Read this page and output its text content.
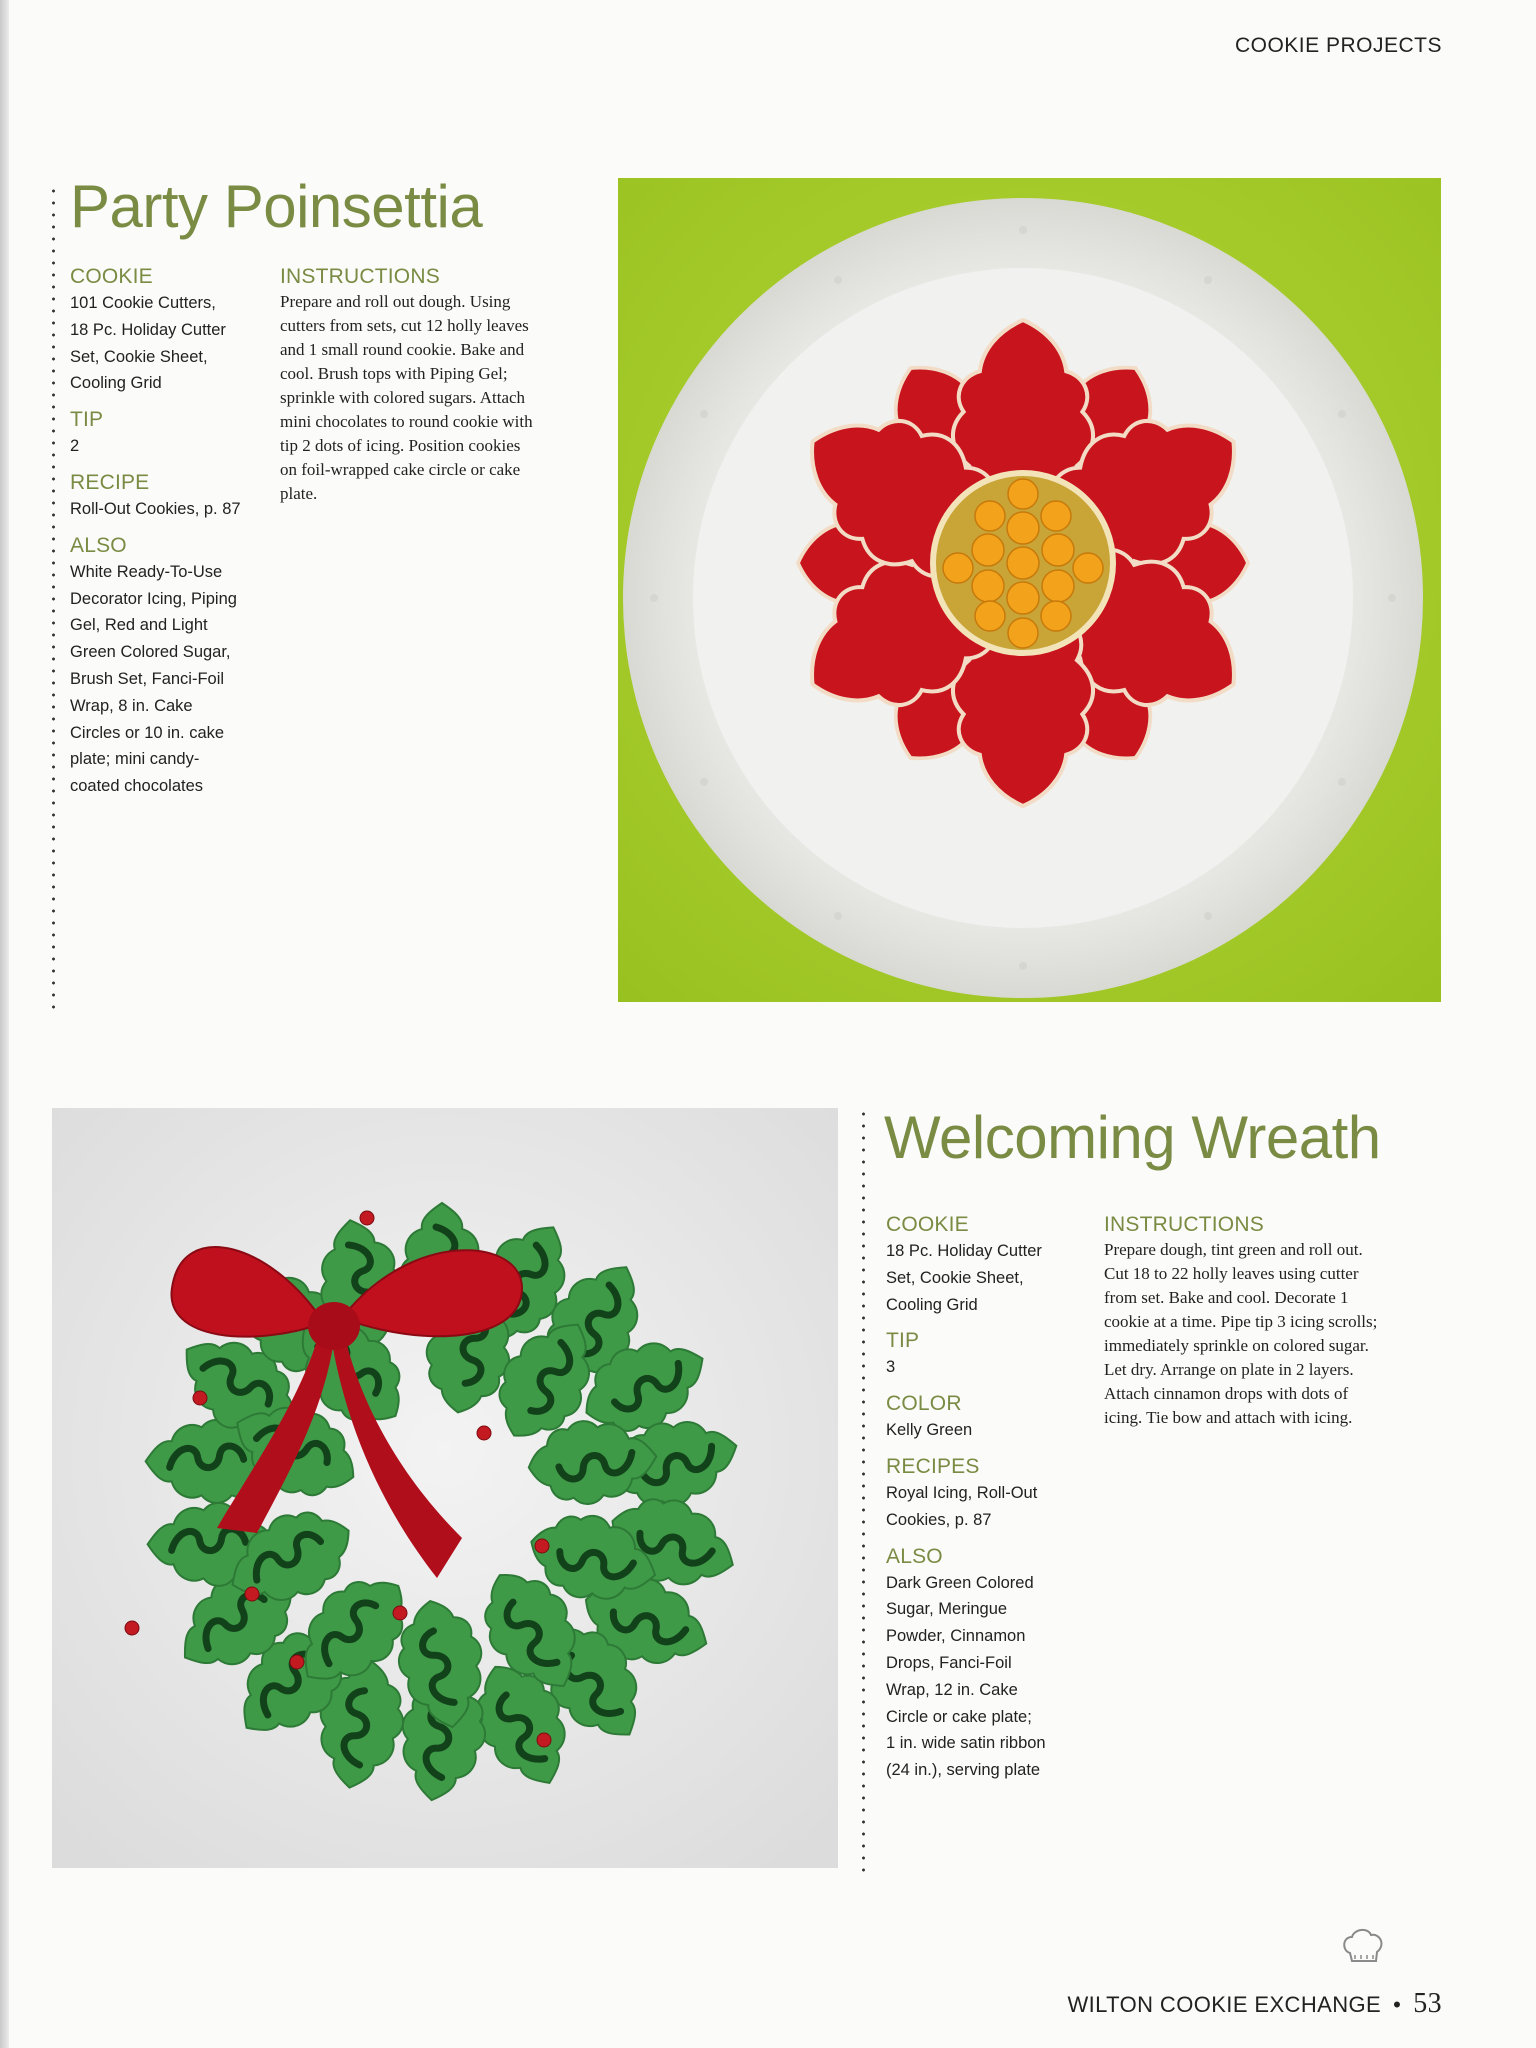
COOKIE PROJECTS
Party Poinsettia
COOKIE
101 Cookie Cutters,
18 Pc. Holiday Cutter
Set, Cookie Sheet,
Cooling Grid
TIP
2
RECIPE
Roll-Out Cookies, p. 87
ALSO
White Ready-To-Use
Decorator Icing, Piping
Gel, Red and Light
Green Colored Sugar,
Brush Set, Fanci-Foil
Wrap, 8 in. Cake
Circles or 10 in. cake
plate; mini candy-
coated chocolates
INSTRUCTIONS
Prepare and roll out dough. Using
cutters from sets, cut 12 holly leaves
and 1 small round cookie. Bake and
cool. Brush tops with Piping Gel;
sprinkle with colored sugars. Attach
mini chocolates to round cookie with
tip 2 dots of icing. Position cookies
on foil-wrapped cake circle or cake
plate.
Welcoming Wreath
COOKIE
18 Pc. Holiday Cutter
Set, Cookie Sheet,
Cooling Grid
TIP
3
COLOR
Kelly Green
RECIPES
Royal Icing, Roll-Out
Cookies, p. 87
ALSO
Dark Green Colored
Sugar, Meringue
Powder, Cinnamon
Drops, Fanci-Foil
Wrap, 12 in. Cake
Circle or cake plate;
1 in. wide satin ribbon
(24 in.), serving plate
INSTRUCTIONS
Prepare dough, tint green and roll out.
Cut 18 to 22 holly leaves using cutter
from set. Bake and cool. Decorate 1
cookie at a time. Pipe tip 3 icing scrolls;
immediately sprinkle on colored sugar.
Let dry. Arrange on plate in 2 layers.
Attach cinnamon drops with dots of
icing. Tie bow and attach with icing.
WILTON COOKIE EXCHANGE • 53
